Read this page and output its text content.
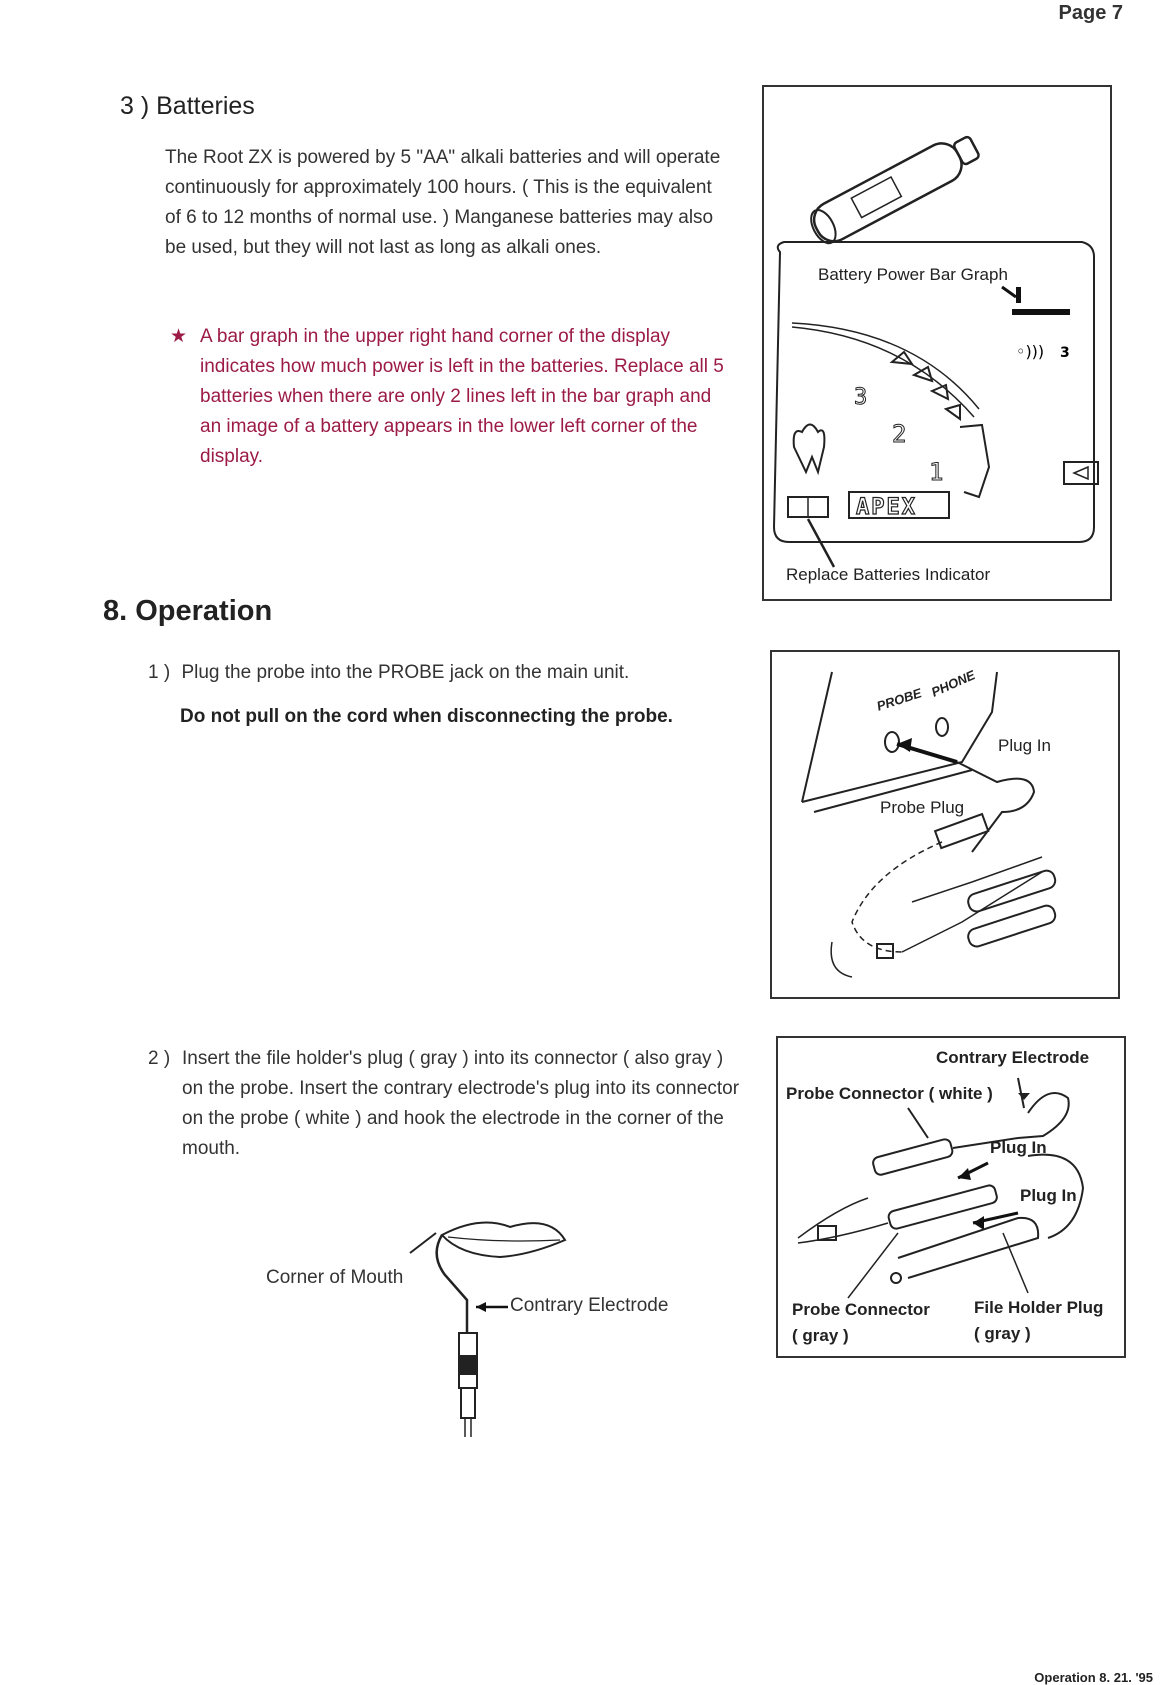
Page 7
3 ) Batteries
The Root ZX is powered by 5 "AA" alkali batteries and will operate continuously for approximately 100 hours. ( This is the equivalent of 6 to 12 months of normal use. ) Manganese batteries may also be used, but they will not last as long as alkali ones.
★ A bar graph in the upper right hand corner of the display indicates how much power is left in the batteries. Replace all 5 batteries when there are only 2 lines left in the bar graph and an image of a battery appears in the lower left corner of the display.
◦))) 3
3
2
1
APEX
Battery Power Bar Graph
Replace Batteries Indicator
8. Operation
1 ) Plug the probe into the PROBE jack on the main unit.
Do not pull on the cord when disconnecting the probe.
PROBE PHONE
Plug In
Probe Plug
2 ) Insert the file holder's plug ( gray ) into its connector ( also gray ) on the probe. Insert the contrary electrode's plug into its connector on the probe ( white ) and hook the electrode in the corner of the mouth.
Corner of Mouth
Contrary Electrode
Contrary Electrode
Probe Connector ( white )
Plug In
Plug In
Probe Connector
( gray )
File Holder Plug
( gray )
Operation 8. 21. '95
